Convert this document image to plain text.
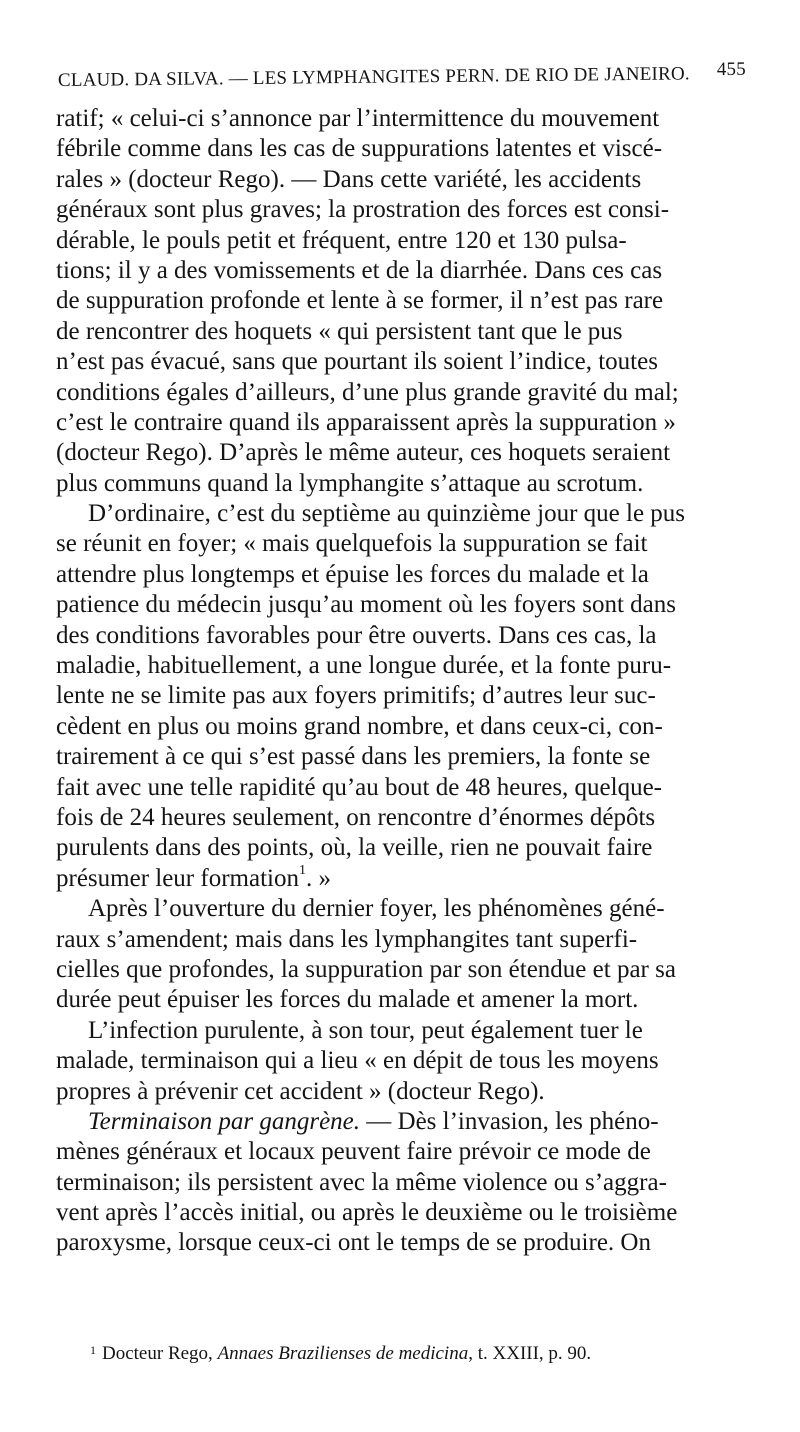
CLAUD. DA SILVA. — LES LYMPHANGITES PERN. DE RIO DE JANEIRO. 455
ratif; « celui-ci s’annonce par l’intermittence du mouvement
fébrile comme dans les cas de suppurations latentes et viscé-
rales » (docteur Rego). — Dans cette variété, les accidents
généraux sont plus graves; la prostration des forces est consi-
dérable, le pouls petit et fréquent, entre 120 et 130 pulsa-
tions; il y a des vomissements et de la diarrhée. Dans ces cas
de suppuration profonde et lente à se former, il n’est pas rare
de rencontrer des hoquets « qui persistent tant que le pus
n’est pas évacué, sans que pourtant ils soient l’indice, toutes
conditions égales d’ailleurs, d’une plus grande gravité du mal;
c’est le contraire quand ils apparaissent après la suppuration »
(docteur Rego). D’après le même auteur, ces hoquets seraient
plus communs quand la lymphangite s’attaque au scrotum.
D’ordinaire, c’est du septième au quinzième jour que le pus
se réunit en foyer; « mais quelquefois la suppuration se fait
attendre plus longtemps et épuise les forces du malade et la
patience du médecin jusqu’au moment où les foyers sont dans
des conditions favorables pour être ouverts. Dans ces cas, la
maladie, habituellement, a une longue durée, et la fonte puru-
lente ne se limite pas aux foyers primitifs; d’autres leur suc-
cèdent en plus ou moins grand nombre, et dans ceux-ci, con-
trairement à ce qui s’est passé dans les premiers, la fonte se
fait avec une telle rapidité qu’au bout de 48 heures, quelque-
fois de 24 heures seulement, on rencontre d’énormes dépôts
purulents dans des points, où, la veille, rien ne pouvait faire
présumer leur formation$^1$. »
Après l’ouverture du dernier foyer, les phénomènes géné-
raux s’amendent; mais dans les lymphangites tant superfi-
cielles que profondes, la suppuration par son étendue et par sa
durée peut épuiser les forces du malade et amener la mort.
L’infection purulente, à son tour, peut également tuer le
malade, terminaison qui a lieu « en dépit de tous les moyens
propres à prévenir cet accident » (docteur Rego).
Terminaison par gangrène. — Dès l’invasion, les phéno-
mènes généraux et locaux peuvent faire prévoir ce mode de
terminaison; ils persistent avec la même violence ou s’aggra-
vent après l’accès initial, ou après le deuxième ou le troisième
paroxysme, lorsque ceux-ci ont le temps de se produire. On
$^1$ Docteur Rego, Annaes Brazilienses de medicina, t. XXIII, p. 90.
